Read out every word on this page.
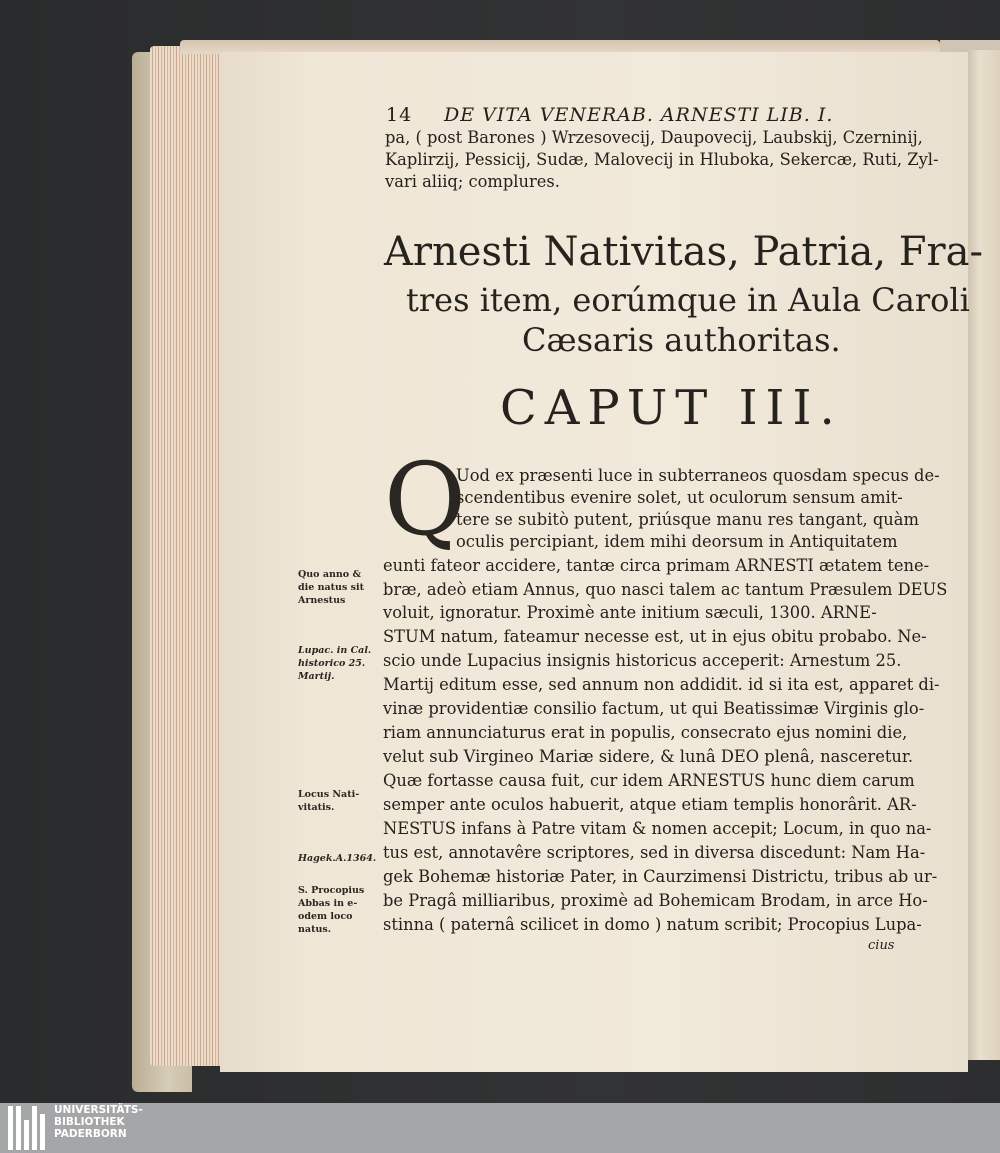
14 DE VITA VENERAB. ARNESTI LIB. I.
pa, ( post Barones ) Wrzesovecij, Daupovecij, Laubskij, Czerninij,
Kaplirzij, Pessicij, Sudæ, Malovecij in Hluboka, Sekercæ, Ruti, Zyl-
vari aliiq; complures.
Arnesti Nativitas, Patria, Fra-
tres item, eorúmque in Aula Caroli
Cæsaris authoritas.
CAPUT III.
Q
Uod ex præsenti luce in subterraneos quosdam specus de-
scendentibus evenire solet, ut oculorum sensum amit-
tere se subitò putent, priúsque manu res tangant, quàm
oculis percipiant, idem mihi deorsum in Antiquitatem
eunti fateor accidere, tantæ circa primam ARNESTI ætatem tene-
bræ, adeò etiam Annus, quo nasci talem ac tantum Præsulem DEUS
voluit, ignoratur. Proximè ante initium sæculi, 1300. ARNE-
STUM natum, fateamur necesse est, ut in ejus obitu probabo. Ne-
scio unde Lupacius insignis historicus acceperit: Arnestum 25.
Martij editum esse, sed annum non addidit. id si ita est, apparet di-
vinæ providentiæ consilio factum, ut qui Beatissimæ Virginis glo-
riam annunciaturus erat in populis, consecrato ejus nomini die,
velut sub Virgineo Mariæ sidere, & lunâ DEO plenâ, nasceretur.
Quæ fortasse causa fuit, cur idem ARNESTUS hunc diem carum
semper ante oculos habuerit, atque etiam templis honorârit. AR-
NESTUS infans à Patre vitam & nomen accepit; Locum, in quo na-
tus est, annotavêre scriptores, sed in diversa discedunt: Nam Ha-
gek Bohemæ historiæ Pater, in Caurzimensi Districtu, tribus ab ur-
be Pragâ milliaribus, proximè ad Bohemicam Brodam, in arce Ho-
stinna ( paternâ scilicet in domo ) natum scribit; Procopius Lupa-
cius
Quo anno &
die natus sit
Arnestus
Lupac. in Cal.
historico 25.
Martij.
Locus Nati-
vitatis.
Hagek.A.1364.
S. Procopius
Abbas in e-
odem loco
natus.
UNIVERSITÄTS-
BIBLIOTHEK
PADERBORN
